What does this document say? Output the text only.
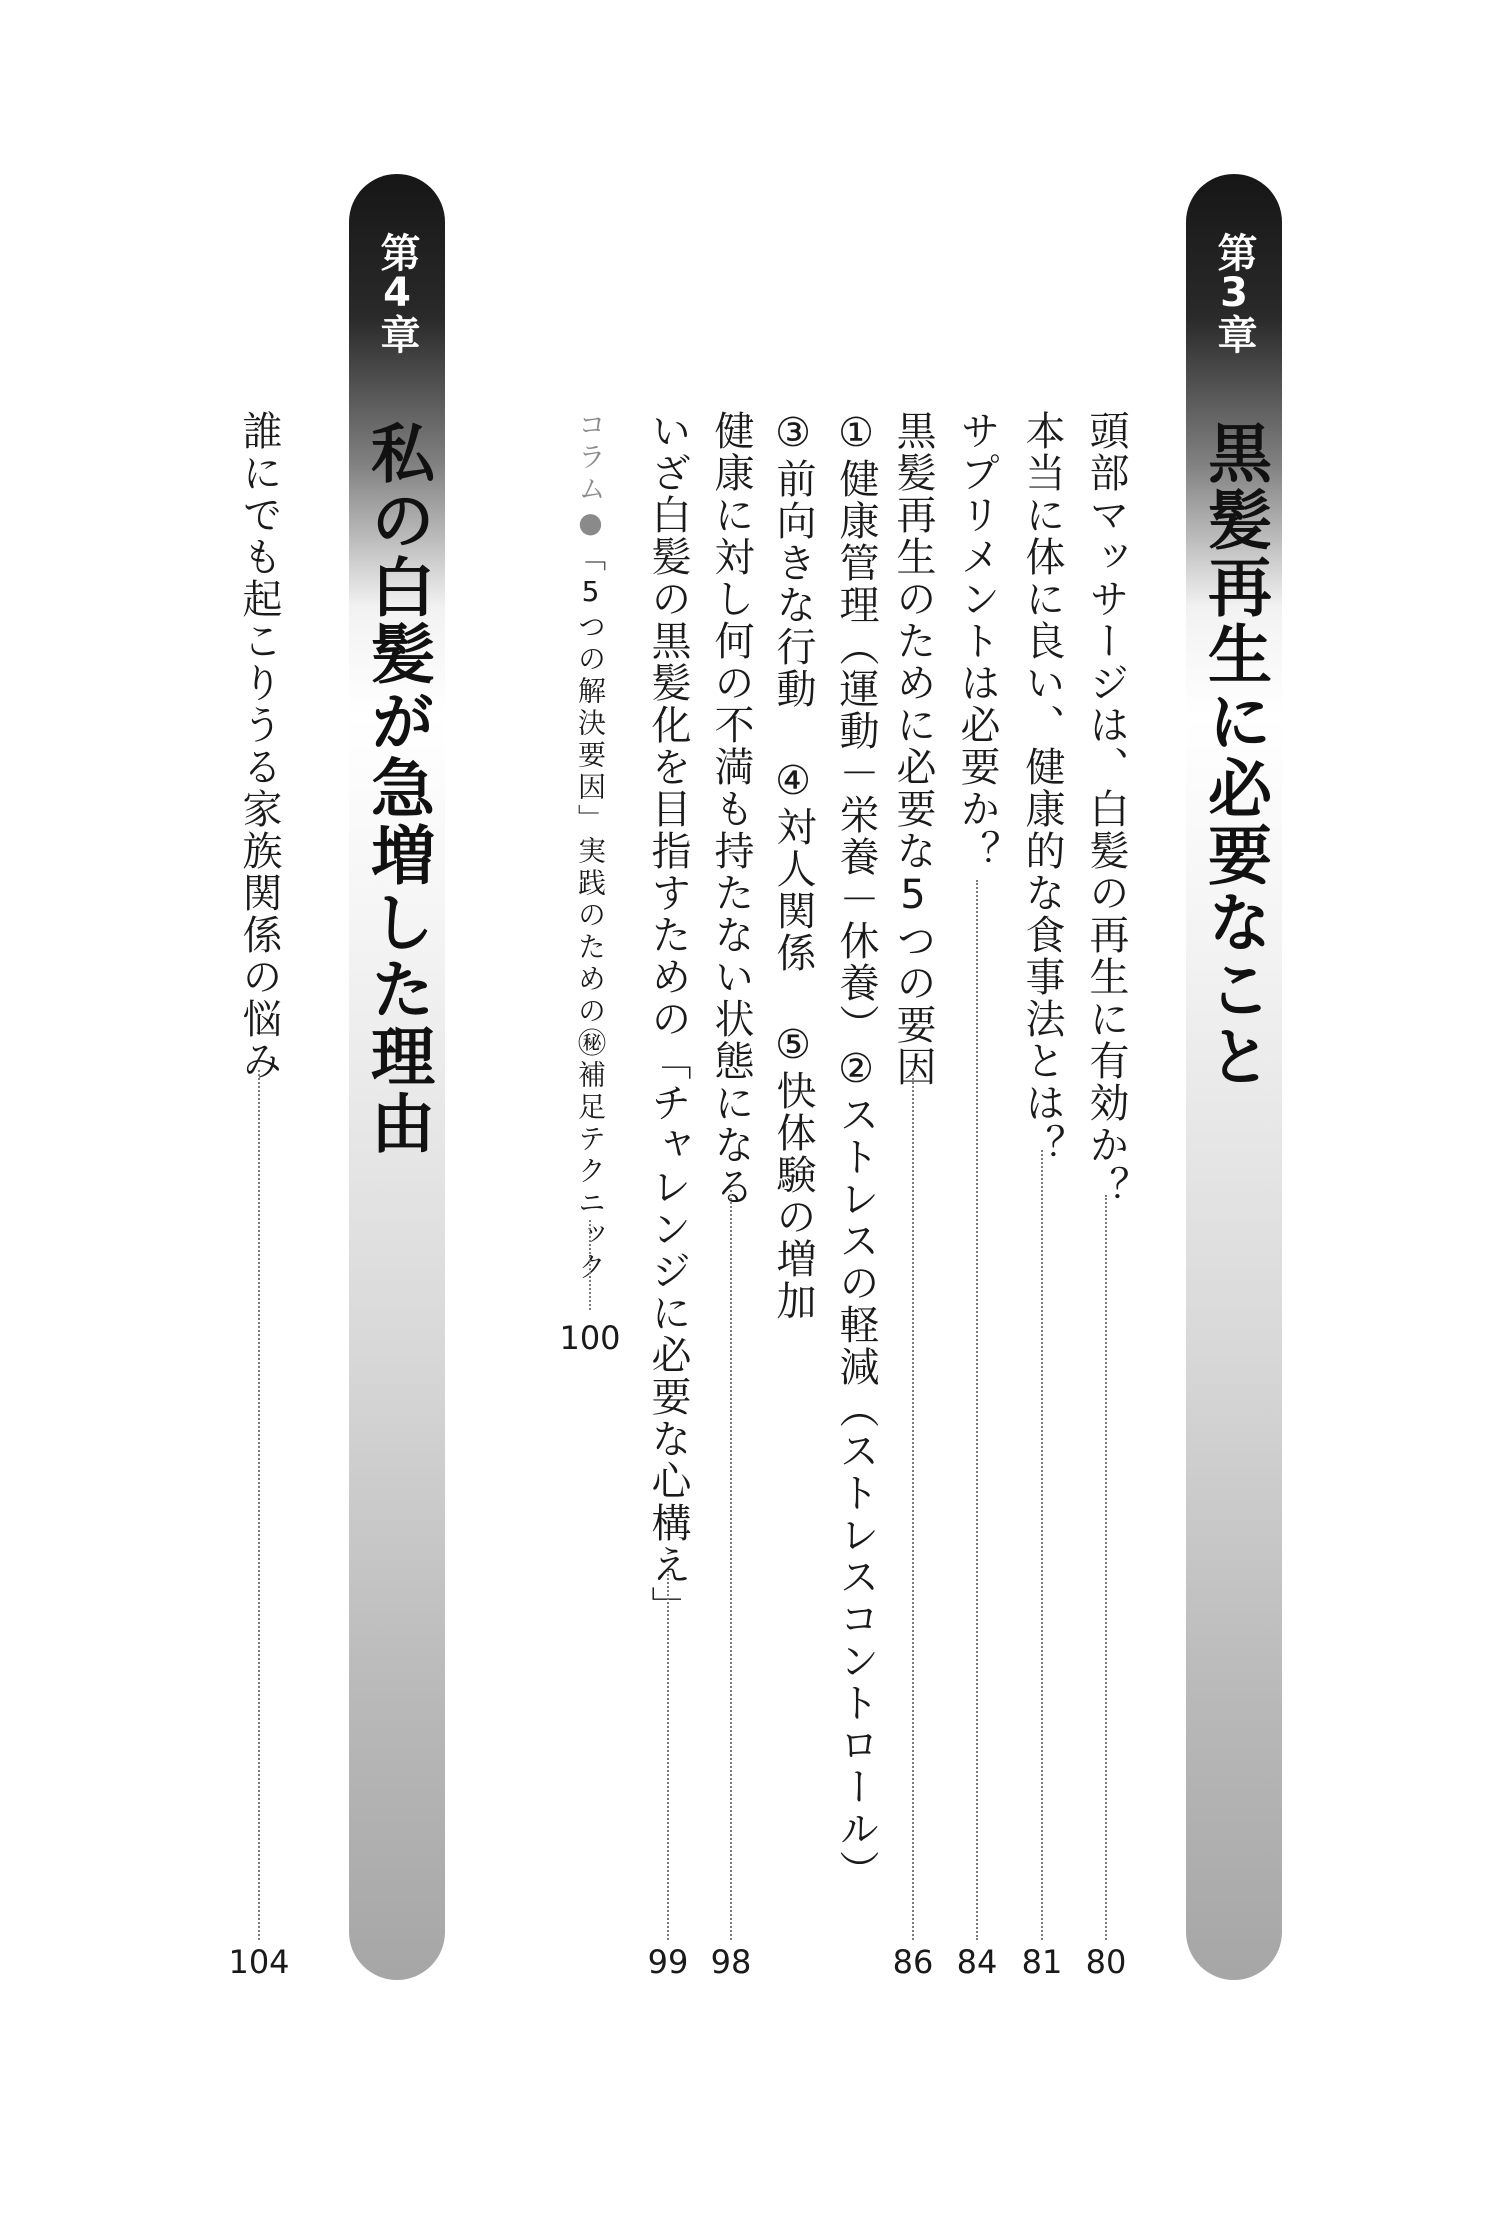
第3章
黒髪再生に必要なこと
頭部マッサージは、白髪の再生に有効か？
80
本当に体に良い、健康的な食事法とは？
81
サプリメントは必要か？
84
黒髪再生のために必要な5つの要因
86
①健康管理（運動－栄養－休養）②ストレスの軽減（ストレスコントロール）
③前向きな行動 ④対人関係 ⑤快体験の増加
健康に対し何の不満も持たない状態になる
98
いざ白髪の黒髪化を目指すための「チャレンジに必要な心構え」
99
コラム●「5つの解決要因」実践のための㊙補足テクニック
100
第4章
私の白髪が急増した理由
誰にでも起こりうる家族関係の悩み
104
